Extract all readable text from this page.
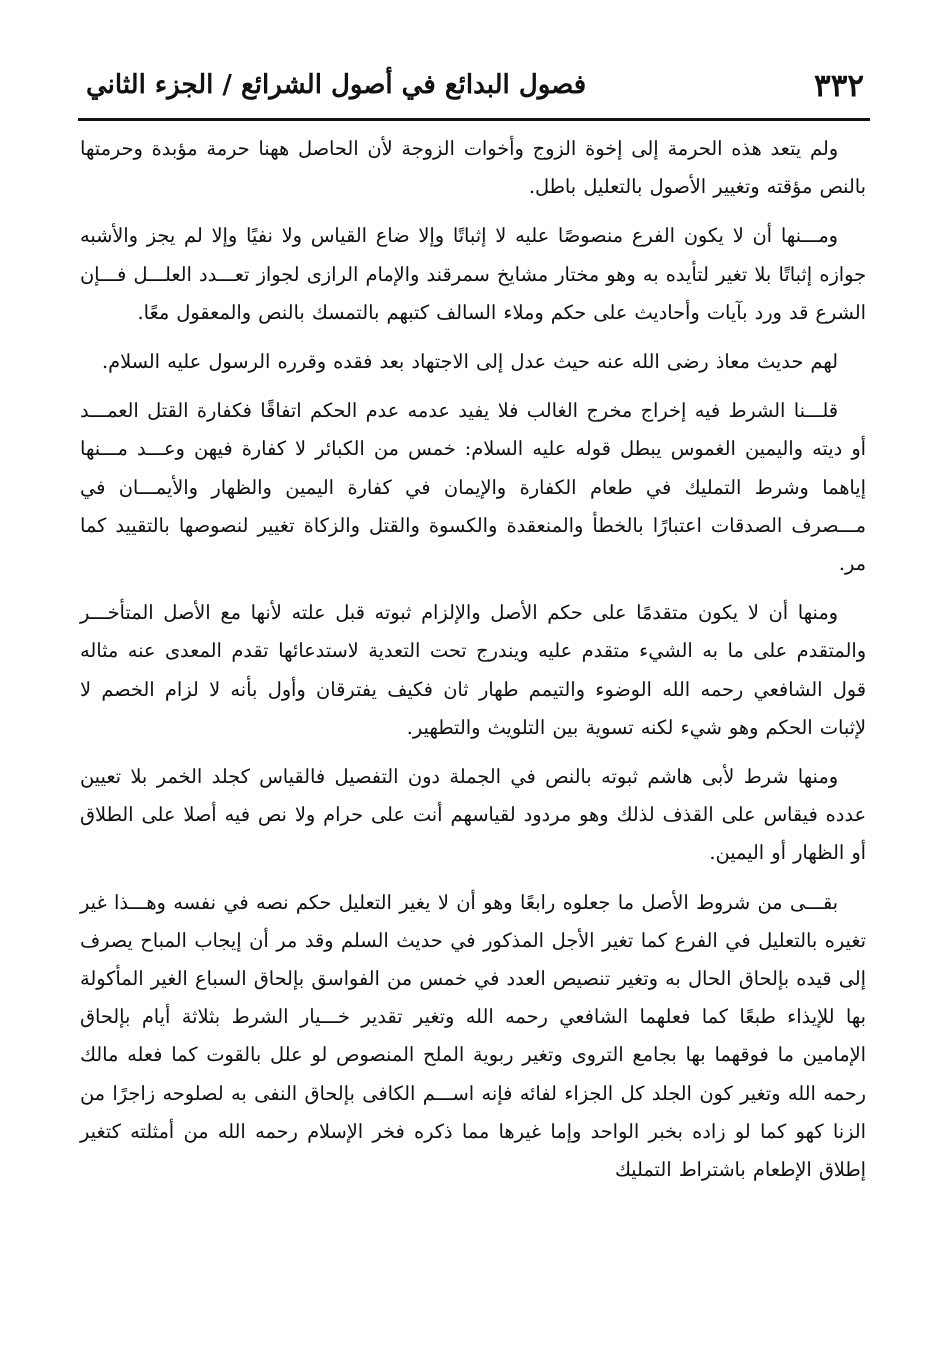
٣٣٢
فصول البدائع في أصول الشرائع / الجزء الثاني

ولم يتعد هذه الحرمة إلى إخوة الزوج وأخوات الزوجة لأن الحاصل ههنا حرمة مؤبدة وحرمتها بالنص مؤقته وتغيير الأصول بالتعليل باطل.

ومـــنها أن لا يكون الفرع منصوصًا عليه لا إثباتًا وإلا ضاع القياس ولا نفيًا وإلا لم يجز والأشبه جوازه إثباتًا بلا تغير لتأيده به وهو مختار مشايخ سمرقند والإمام الرازى لجواز تعـــدد العلـــل فـــإن الشرع قد ورد بآيات وأحاديث على حكم وملاء السالف كتبهم بالتمسك بالنص والمعقول معًا.

لهم حديث معاذ رضى الله عنه حيث عدل إلى الاجتهاد بعد فقده وقرره الرسول عليه السلام.

قلـــنا الشرط فيه إخراج مخرج الغالب فلا يفيد عدمه عدم الحكم اتفاقًا فكفارة القتل العمـــد أو ديته واليمين الغموس يبطل قوله عليه السلام: خمس من الكبائر لا كفارة فيهن وعـــد مـــنها إياهما وشرط التمليك في طعام الكفارة والإيمان في كفارة اليمين والظهار والأيمـــان في مـــصرف الصدقات اعتبارًا بالخطأ والمنعقدة والكسوة والقتل والزكاة تغيير لنصوصها بالتقييد كما مر.

ومنها أن لا يكون متقدمًا على حكم الأصل والإلزام ثبوته قبل علته لأنها مع الأصل المتأخـــر والمتقدم على ما به الشيء متقدم عليه ويندرج تحت التعدية لاستدعائها تقدم المعدى عنه مثاله قول الشافعي رحمه الله الوضوء والتيمم طهار ثان فكيف يفترقان وأول بأنه لا لزام الخصم لا لإثبات الحكم وهو شيء لكنه تسوية بين التلويث والتطهير.

ومنها شرط لأبى هاشم ثبوته بالنص في الجملة دون التفصيل فالقياس كجلد الخمر بلا تعيين عدده فيقاس على القذف لذلك وهو مردود لقياسهم أنت على حرام ولا نص فيه أصلا على الطلاق أو الظهار أو اليمين.

بقـــى من شروط الأصل ما جعلوه رابعًا وهو أن لا يغير التعليل حكم نصه في نفسه وهـــذا غير تغيره بالتعليل في الفرع كما تغير الأجل المذكور في حديث السلم وقد مر أن إيجاب المباح يصرف إلى قيده بإلحاق الحال به وتغير تنصيص العدد في خمس من الفواسق بإلحاق السباع الغير المأكولة بها للإيذاء طبعًا كما فعلهما الشافعي رحمه الله وتغير تقدير خـــيار الشرط بثلاثة أيام بإلحاق الإمامين ما فوقهما بها بجامع التروى وتغير ربوية الملح المنصوص لو علل بالقوت كما فعله مالك رحمه الله وتغير كون الجلد كل الجزاء لفائه فإنه اســـم الكافى بإلحاق النفى به لصلوحه زاجرًا من الزنا كهو كما لو زاده بخبر الواحد وإما غيرها مما ذكره فخر الإسلام رحمه الله من أمثلته كتغير إطلاق الإطعام باشتراط التمليك
